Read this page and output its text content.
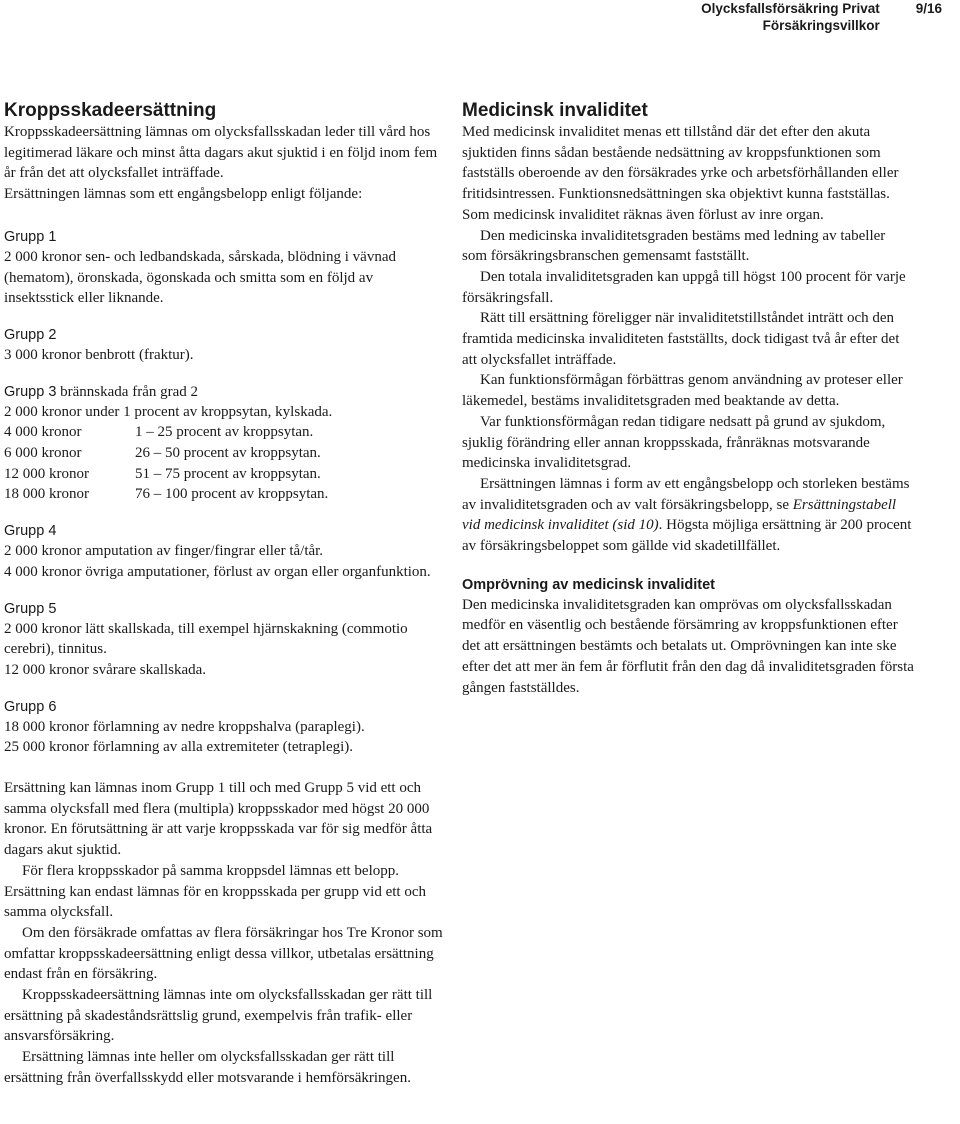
Olycksfallsförsäkring Privat
Försäkringsvillkor
9/16
Kroppsskadeersättning

Kroppsskadeersättning lämnas om olycksfallsskadan leder till vård hos legitimerad läkare och minst åtta dagars akut sjuktid i en följd inom fem år från det att olycksfallet inträffade.

Ersättningen lämnas som ett engångsbelopp enligt följande:

Grupp 1

2 000 kronor sen- och ledbandskada, sårskada, blödning i vävnad (hematom), öronskada, ögonskada och smitta som en följd av insektsstick eller liknande.

Grupp 2

3 000 kronor benbrott (fraktur).

Grupp 3 brännskada från grad 2

2 000 kronor under 1 procent av kroppsytan, kylskada.

4 000 kronor	1 – 25 procent av kroppsytan.
6 000 kronor	26 – 50 procent av kroppsytan.
12 000 kronor	51 – 75 procent av kroppsytan.
18 000 kronor	76 – 100 procent av kroppsytan.
Grupp 4

2 000 kronor amputation av finger/fingrar eller tå/tår.

4 000 kronor övriga amputationer, förlust av organ eller organfunktion.

Grupp 5

2 000 kronor lätt skallskada, till exempel hjärnskakning (commotio cerebri), tinnitus.

12 000 kronor svårare skallskada.

Grupp 6

18 000 kronor förlamning av nedre kroppshalva (paraplegi).

25 000 kronor förlamning av alla extremiteter (tetraplegi).

Ersättning kan lämnas inom Grupp 1 till och med Grupp 5 vid ett och samma olycksfall med flera (multipla) kroppsskador med högst 20 000 kronor. En förutsättning är att varje kroppsskada var för sig medför åtta dagars akut sjuktid.

För flera kroppsskador på samma kroppsdel lämnas ett belopp. Ersättning kan endast lämnas för en kroppsskada per grupp vid ett och samma olycksfall.

Om den försäkrade omfattas av flera försäkringar hos Tre Kronor som omfattar kroppsskadeersättning enligt dessa villkor, utbetalas ersättning endast från en försäkring.

Kroppsskadeersättning lämnas inte om olycksfallsskadan ger rätt till ersättning på skadeståndsrättslig grund, exempelvis från trafik- eller ansvarsförsäkring.

Ersättning lämnas inte heller om olycksfallsskadan ger rätt till ersättning från överfallsskydd eller motsvarande i hemförsäkringen.

Medicinsk invaliditet

Med medicinsk invaliditet menas ett tillstånd där det efter den akuta sjuktiden finns sådan bestående nedsättning av kroppsfunktionen som fastställs oberoende av den försäkrades yrke och arbetsförhållanden eller fritidsintressen. Funktionsnedsättningen ska objektivt kunna fastställas. Som medicinsk invaliditet räknas även förlust av inre organ.

Den medicinska invaliditetsgraden bestäms med ledning av tabeller som försäkringsbranschen gemensamt fastställt.

Den totala invaliditetsgraden kan uppgå till högst 100 procent för varje försäkringsfall.

Rätt till ersättning föreligger när invaliditetstillståndet inträtt och den framtida medicinska invaliditeten fastställts, dock tidigast två år efter det att olycksfallet inträffade.

Kan funktionsförmågan förbättras genom användning av proteser eller läkemedel, bestäms invaliditetsgraden med beaktande av detta.

Var funktionsförmågan redan tidigare nedsatt på grund av sjukdom, sjuklig förändring eller annan kroppsskada, frånräknas motsvarande medicinska invaliditetsgrad.

Ersättningen lämnas i form av ett engångsbelopp och storleken bestäms av invaliditetsgraden och av valt försäkringsbelopp, se Ersättningstabell vid medicinsk invaliditet (sid 10). Högsta möjliga ersättning är 200 procent av försäkringsbeloppet som gällde vid skadetillfället.

Omprövning av medicinsk invaliditet

Den medicinska invaliditetsgraden kan omprövas om olycksfallsskadan medför en väsentlig och bestående försämring av kroppsfunktionen efter det att ersättningen bestämts och betalats ut. Omprövningen kan inte ske efter det att mer än fem år förflutit från den dag då invaliditetsgraden första gången fastställdes.
